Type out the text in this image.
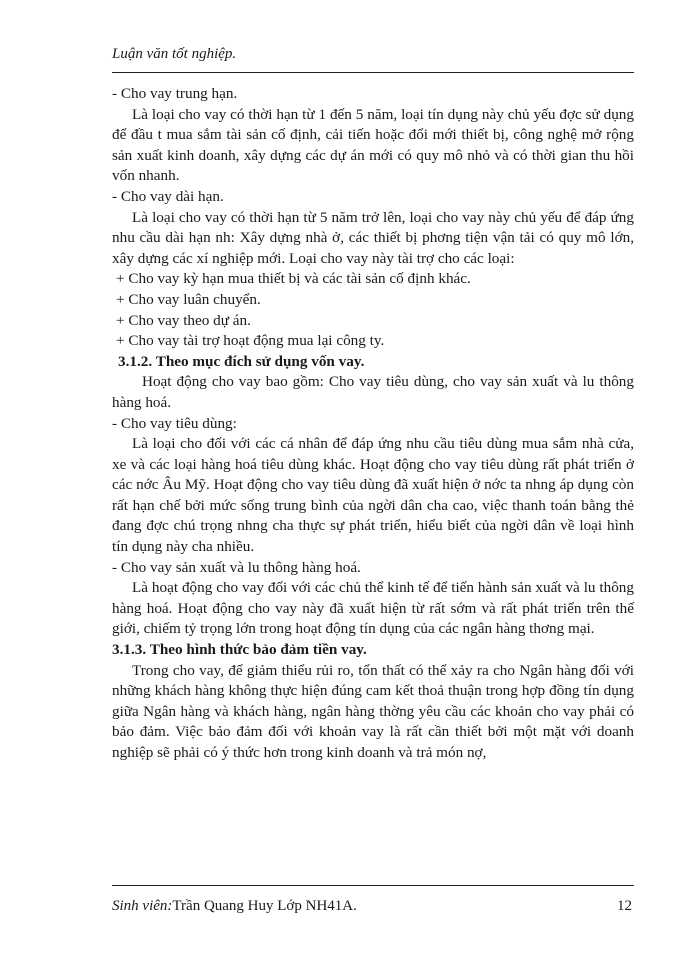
Luận văn tốt nghiệp.

- Cho vay trung hạn.

Là loại cho vay có thời hạn từ 1 đến 5 năm, loại tín dụng này chủ yếu đợc sử dụng để đầu t mua sắm tài sản cố định, cải tiến hoặc đổi mới thiết bị, công nghệ mở rộng sản xuất kinh doanh, xây dựng các dự án mới có quy mô nhỏ và có thời gian thu hồi vốn nhanh.

- Cho vay dài hạn.

Là loại cho vay có thời hạn từ 5 năm trở lên, loại cho vay này chủ yếu để đáp ứng nhu cầu dài hạn nh: Xây dựng nhà ở, các thiết bị phơng tiện vận tải có quy mô lớn, xây dựng các xí nghiệp mới. Loại cho vay này tài trợ cho các loại:

+ Cho vay kỳ hạn mua thiết bị và các tài sản cố định khác.

+ Cho vay luân chuyển.

+ Cho vay theo dự án.

+ Cho vay tài trợ hoạt động mua lại công ty.

3.1.2. Theo mục đích sử dụng vốn vay.

Hoạt động cho vay bao gồm: Cho vay tiêu dùng, cho vay sản xuất và lu thông hàng hoá.

- Cho vay tiêu dùng:

Là loại cho đối với các cá nhân để đáp ứng nhu cầu tiêu dùng mua sắm nhà cửa, xe và các loại hàng hoá tiêu dùng khác. Hoạt động cho vay tiêu dùng rất phát triển ở các nớc Âu Mỹ. Hoạt động cho vay tiêu dùng đã xuất hiện ở nớc ta nhng áp dụng còn rất hạn chế bởi mức sống trung bình của ngời dân cha cao, việc thanh toán bằng thẻ đang đợc chú trọng nhng cha thực sự phát triển, hiểu biết của ngời dân về loại hình tín dụng này cha nhiều.

- Cho vay sản xuất và lu thông hàng hoá.

Là hoạt động cho vay đối với các chủ thể kinh tế để tiến hành sản xuất và lu thông hàng hoá. Hoạt động cho vay này đã xuất hiện từ rất sớm và rất phát triển trên thế giới, chiếm tỷ trọng lớn trong hoạt động tín dụng của các ngân hàng thơng mại.

3.1.3. Theo hình thức bảo đảm tiền vay.

Trong cho vay, để giảm thiểu rủi ro, tổn thất có thể xảy ra cho Ngân hàng đối với những khách hàng không thực hiện đúng cam kết thoả thuận trong hợp đồng tín dụng giữa Ngân hàng và khách hàng, ngân hàng thờng yêu cầu các khoản cho vay phải có bảo đảm. Việc bảo đảm đối với khoản vay là rất cần thiết bởi một mặt với doanh nghiệp sẽ phải có ý thức hơn trong kinh doanh và trả món nợ,

Sinh viên:Trần Quang Huy Lớp NH41A.	12
